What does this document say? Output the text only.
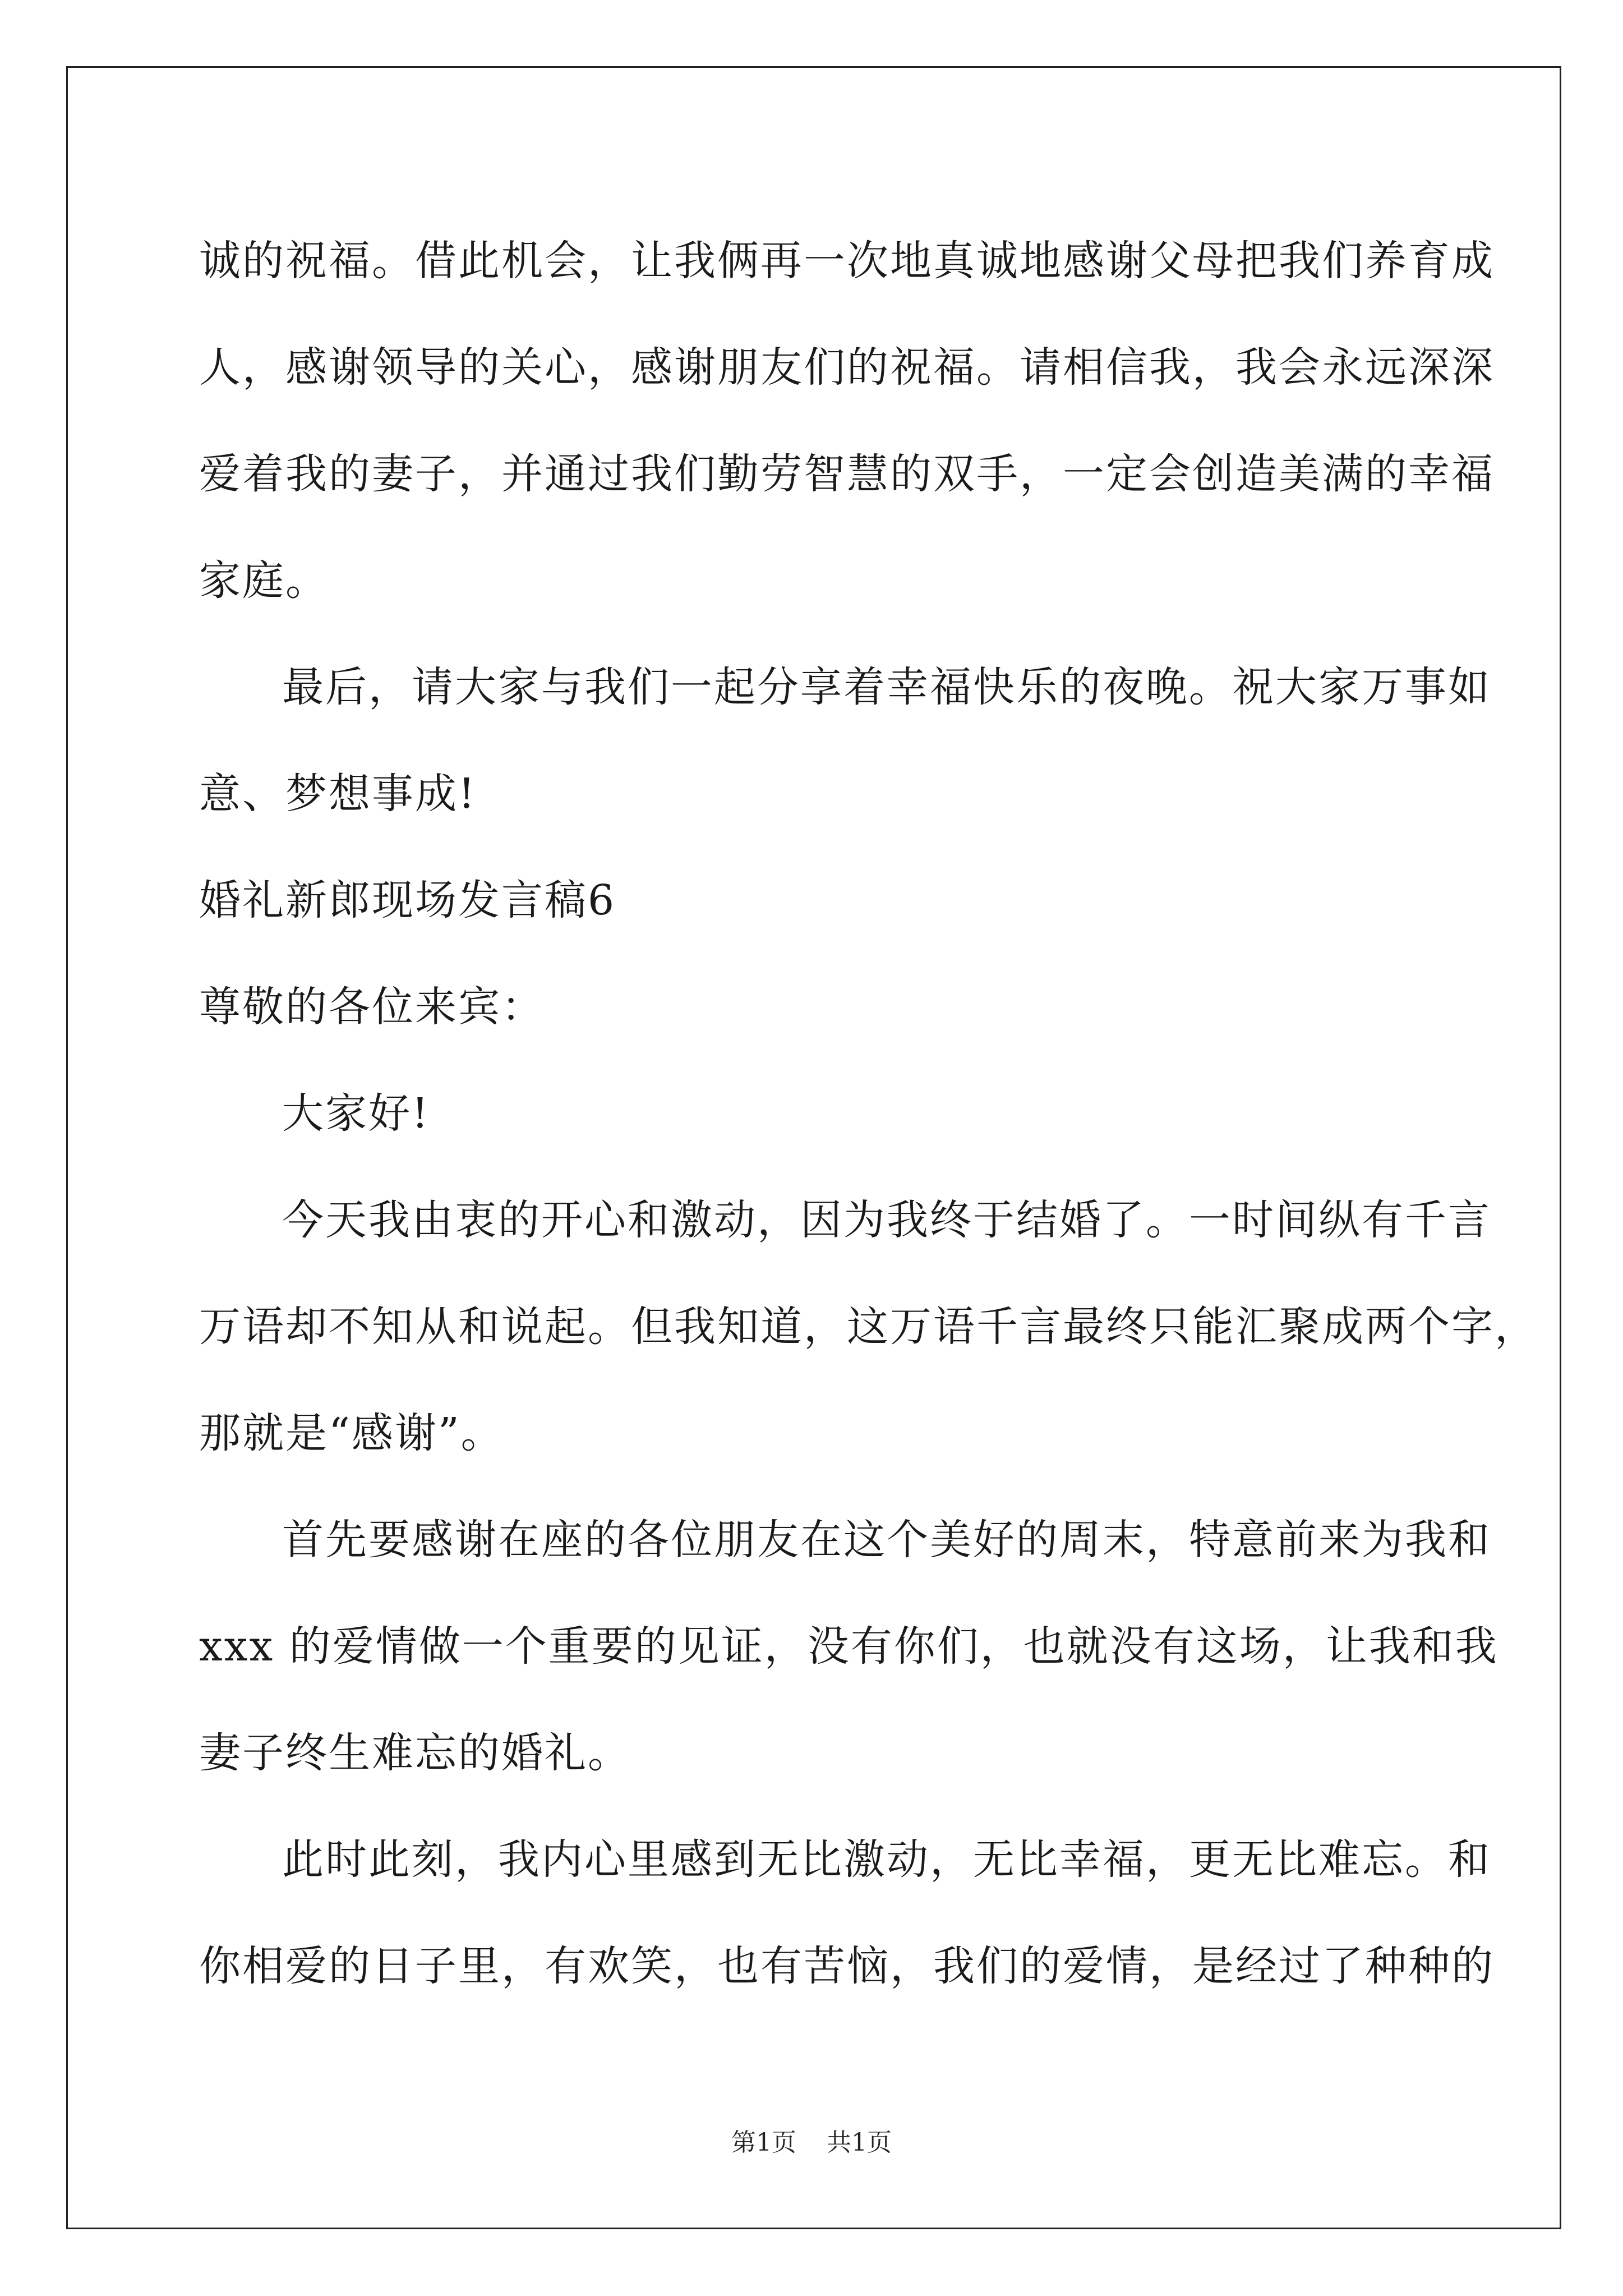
诚的祝福。借此机会，让我俩再一次地真诚地感谢父母把我们养育成
人，感谢领导的关心，感谢朋友们的祝福。请相信我，我会永远深深
爱着我的妻子，并通过我们勤劳智慧的双手，一定会创造美满的幸福
家庭。
最后，请大家与我们一起分享着幸福快乐的夜晚。祝大家万事如
意、梦想事成!
婚礼新郎现场发言稿6
尊敬的各位来宾：
大家好!
今天我由衷的开心和激动，因为我终于结婚了。一时间纵有千言
万语却不知从和说起。但我知道，这万语千言最终只能汇聚成两个字，
那就是“感谢”。
首先要感谢在座的各位朋友在这个美好的周末，特意前来为我和
xxx 的爱情做一个重要的见证，没有你们，也就没有这场，让我和我
妻子终生难忘的婚礼。
此时此刻，我内心里感到无比激动，无比幸福，更无比难忘。和
你相爱的日子里，有欢笑，也有苦恼，我们的爱情，是经过了种种的
第1页 共1页
